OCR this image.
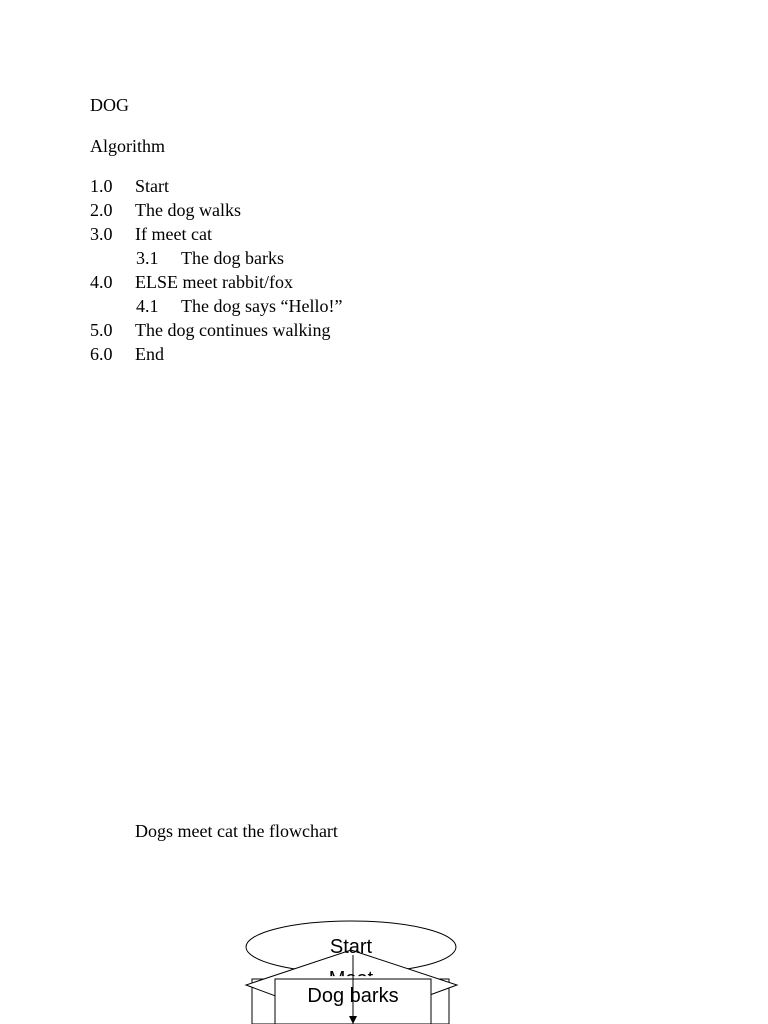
DOG
Algorithm
1.0 Start
2.0 The dog walks
3.0 If meet cat
3.1 The dog barks
4.0 ELSE meet rabbit/fox
4.1 The dog says “Hello!”
5.0 The dog continues walking
6.0 End
Dogs meet cat the flowchart
Start
Dog barks
